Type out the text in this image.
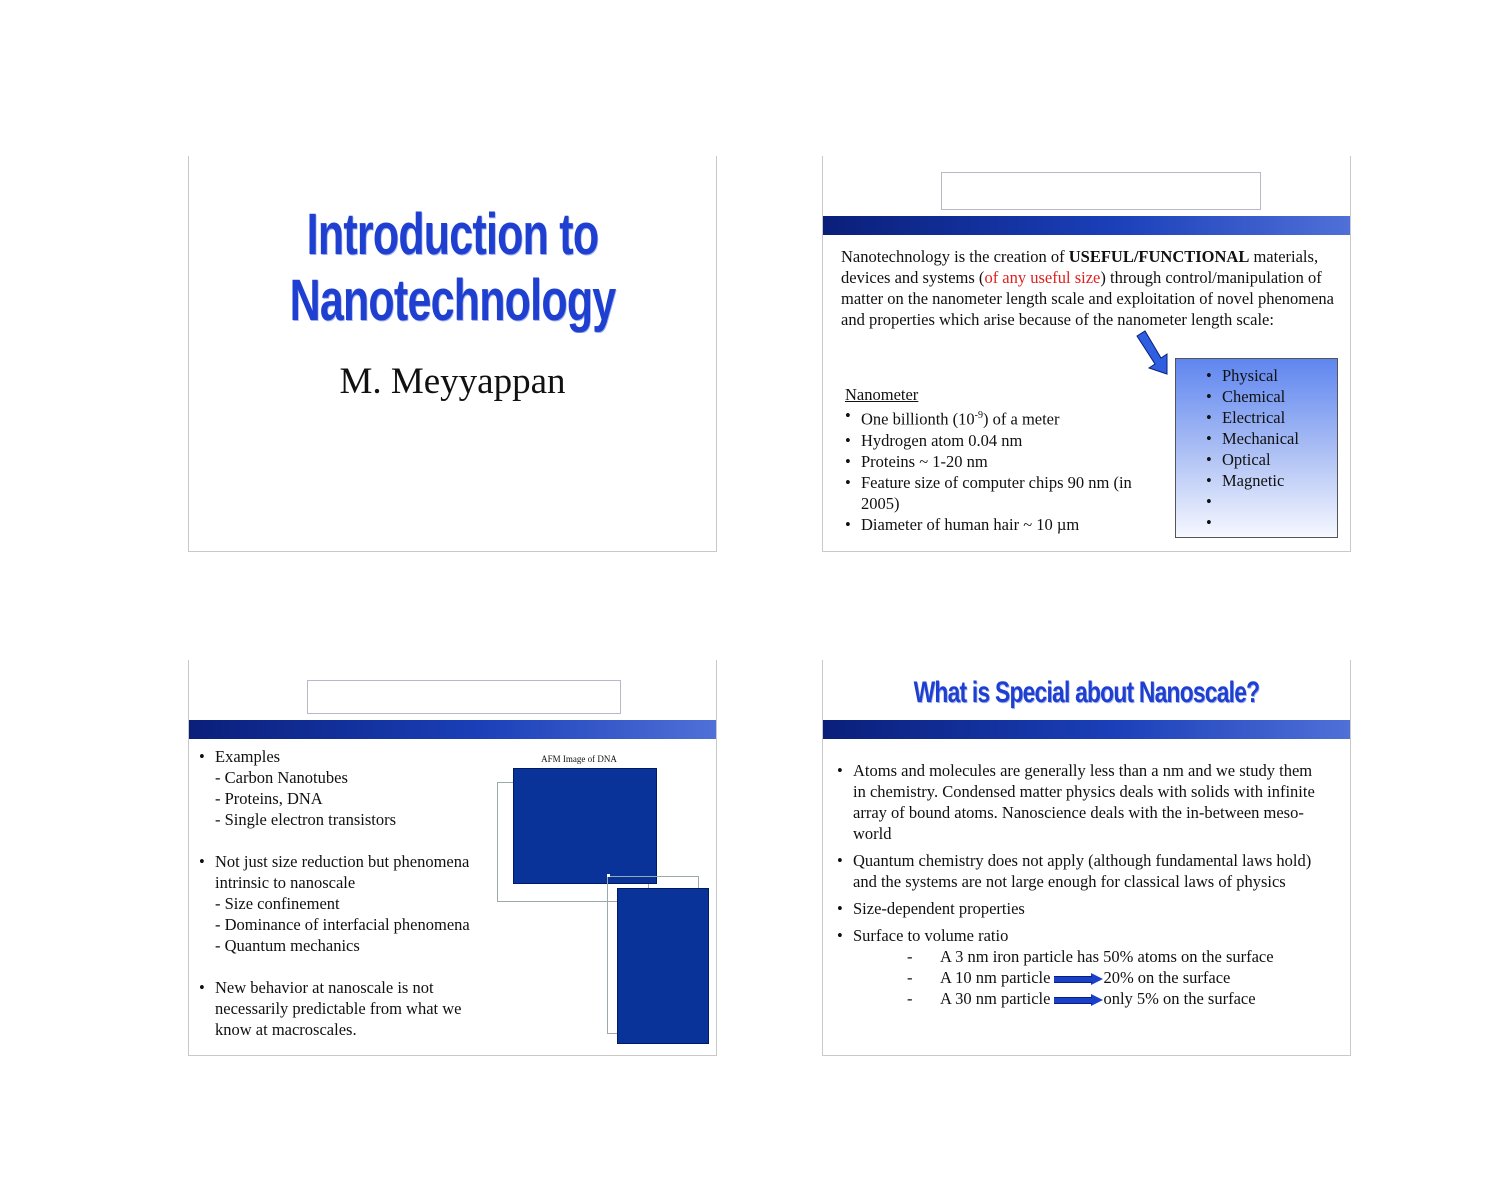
Introduction to
Nanotechnology
M. Meyyappan
Nanotechnology is the creation of USEFUL/FUNCTIONAL materials, devices and systems (of any useful size) through control/manipulation of matter on the nanometer length scale and exploitation of novel phenomena and properties which arise because of the nanometer length scale:
Nanometer
• One billionth $(10^{-9})$ of a meter
• Hydrogen atom 0.04 nm
• Proteins ~ 1-20 nm
• Feature size of computer chips 90 nm (in 2005)
• Diameter of human hair ~ 10 µm
• Physical
• Chemical
• Electrical
• Mechanical
• Optical
• Magnetic
•
•
• Examples
- Carbon Nanotubes
- Proteins, DNA
- Single electron transistors
• Not just size reduction but phenomena intrinsic to nanoscale
- Size confinement
- Dominance of interfacial phenomena
- Quantum mechanics
• New behavior at nanoscale is not necessarily predictable from what we know at macroscales.
AFM Image of DNA
What is Special about Nanoscale?
• Atoms and molecules are generally less than a nm and we study them in chemistry. Condensed matter physics deals with solids with infinite array of bound atoms. Nanoscience deals with the in-between meso-world
• Quantum chemistry does not apply (although fundamental laws hold) and the systems are not large enough for classical laws of physics
• Size-dependent properties
• Surface to volume ratio
- A 3 nm iron particle has 50% atoms on the surface
- A 10 nm particle	20% on the surface
- A 30 nm particle	only 5% on the surface
